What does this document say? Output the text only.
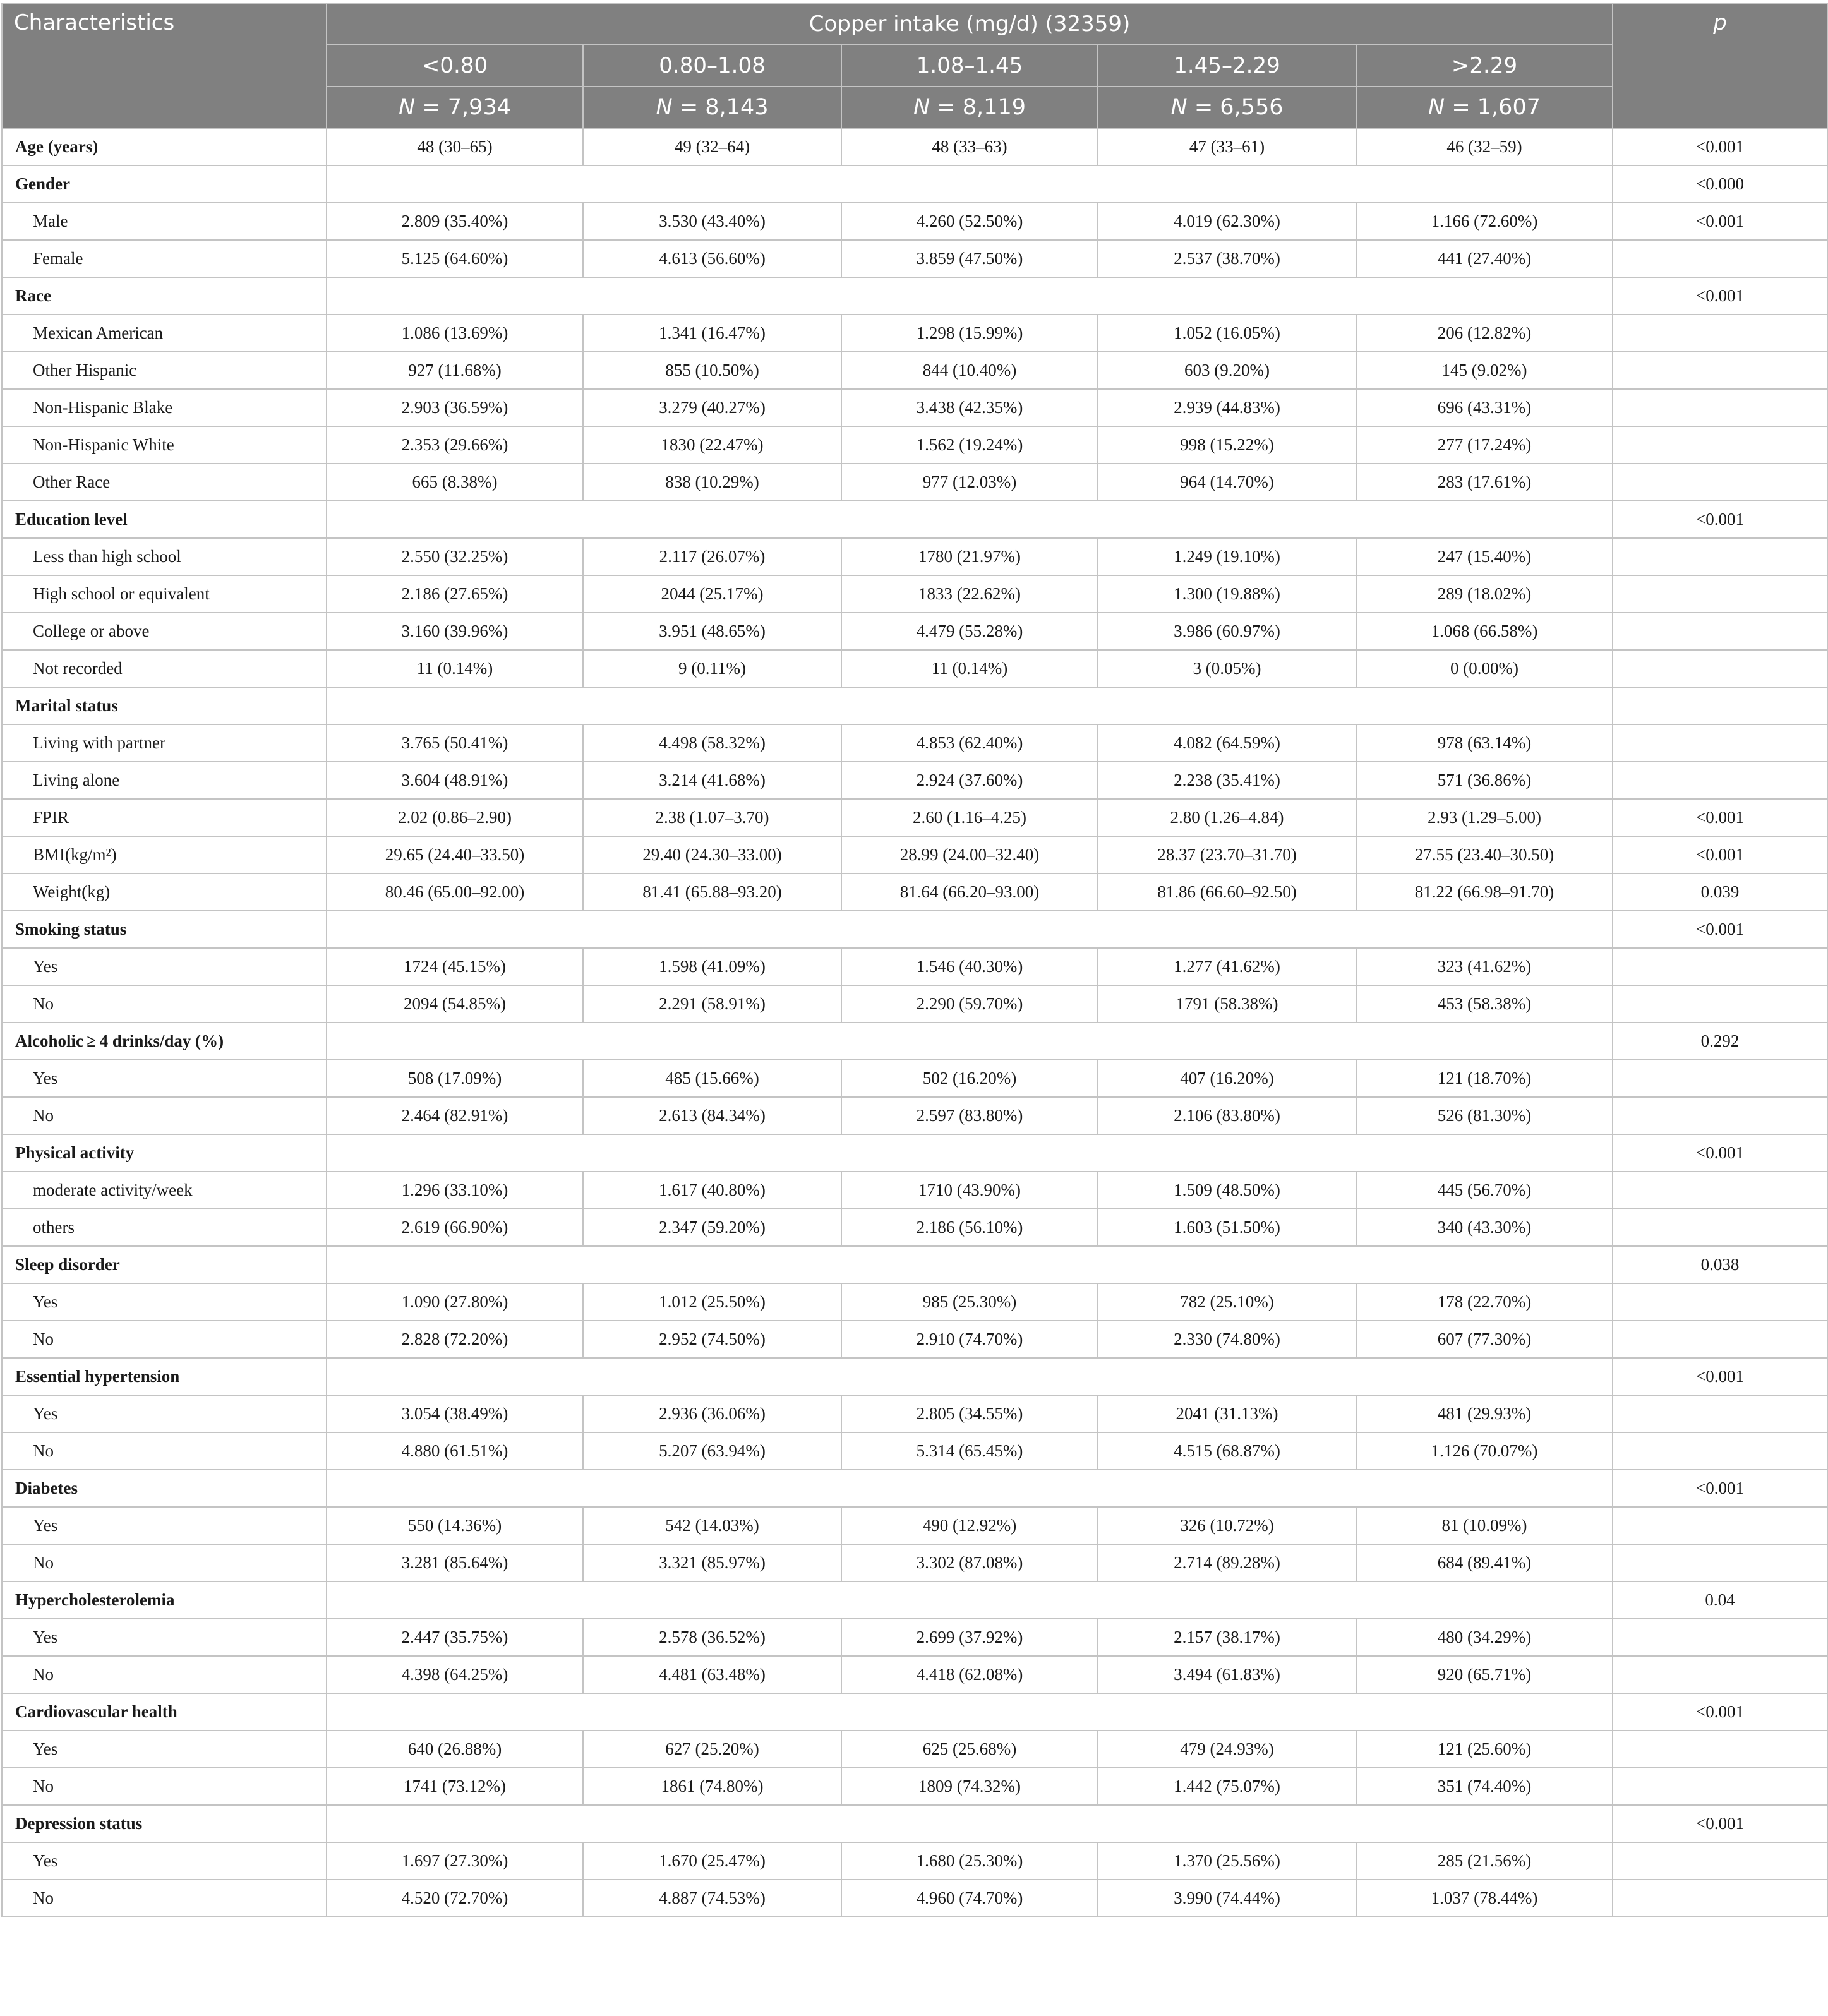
Characteristics	Copper intake (mg/d) (32359)					p
	<0.80	0.80–1.08	1.08–1.45	1.45–2.29	>2.29	
	N = 7,934	N = 8,143	N = 8,119	N = 6,556	N = 1,607	
Age (years)	48 (30–65)	49 (32–64)	48 (33–63)	47 (33–61)	46 (32–59)	<0.001
Gender						<0.000
Male	2.809 (35.40%)	3.530 (43.40%)	4.260 (52.50%)	4.019 (62.30%)	1.166 (72.60%)	<0.001
Female	5.125 (64.60%)	4.613 (56.60%)	3.859 (47.50%)	2.537 (38.70%)	441 (27.40%)	
Race						<0.001
Mexican American	1.086 (13.69%)	1.341 (16.47%)	1.298 (15.99%)	1.052 (16.05%)	206 (12.82%)	
Other Hispanic	927 (11.68%)	855 (10.50%)	844 (10.40%)	603 (9.20%)	145 (9.02%)	
Non-Hispanic Blake	2.903 (36.59%)	3.279 (40.27%)	3.438 (42.35%)	2.939 (44.83%)	696 (43.31%)	
Non-Hispanic White	2.353 (29.66%)	1830 (22.47%)	1.562 (19.24%)	998 (15.22%)	277 (17.24%)	
Other Race	665 (8.38%)	838 (10.29%)	977 (12.03%)	964 (14.70%)	283 (17.61%)	
Education level						<0.001
Less than high school	2.550 (32.25%)	2.117 (26.07%)	1780 (21.97%)	1.249 (19.10%)	247 (15.40%)	
High school or equivalent	2.186 (27.65%)	2044 (25.17%)	1833 (22.62%)	1.300 (19.88%)	289 (18.02%)	
College or above	3.160 (39.96%)	3.951 (48.65%)	4.479 (55.28%)	3.986 (60.97%)	1.068 (66.58%)	
Not recorded	11 (0.14%)	9 (0.11%)	11 (0.14%)	3 (0.05%)	0 (0.00%)	
Marital status						
Living with partner	3.765 (50.41%)	4.498 (58.32%)	4.853 (62.40%)	4.082 (64.59%)	978 (63.14%)	
Living alone	3.604 (48.91%)	3.214 (41.68%)	2.924 (37.60%)	2.238 (35.41%)	571 (36.86%)	
FPIR	2.02 (0.86–2.90)	2.38 (1.07–3.70)	2.60 (1.16–4.25)	2.80 (1.26–4.84)	2.93 (1.29–5.00)	<0.001
BMI(kg/m²)	29.65 (24.40–33.50)	29.40 (24.30–33.00)	28.99 (24.00–32.40)	28.37 (23.70–31.70)	27.55 (23.40–30.50)	<0.001
Weight(kg)	80.46 (65.00–92.00)	81.41 (65.88–93.20)	81.64 (66.20–93.00)	81.86 (66.60–92.50)	81.22 (66.98–91.70)	0.039
Smoking status						<0.001
Yes	1724 (45.15%)	1.598 (41.09%)	1.546 (40.30%)	1.277 (41.62%)	323 (41.62%)	
No	2094 (54.85%)	2.291 (58.91%)	2.290 (59.70%)	1791 (58.38%)	453 (58.38%)	
Alcoholic ≥ 4 drinks/day (%)						0.292
Yes	508 (17.09%)	485 (15.66%)	502 (16.20%)	407 (16.20%)	121 (18.70%)	
No	2.464 (82.91%)	2.613 (84.34%)	2.597 (83.80%)	2.106 (83.80%)	526 (81.30%)	
Physical activity						<0.001
moderate activity/week	1.296 (33.10%)	1.617 (40.80%)	1710 (43.90%)	1.509 (48.50%)	445 (56.70%)	
others	2.619 (66.90%)	2.347 (59.20%)	2.186 (56.10%)	1.603 (51.50%)	340 (43.30%)	
Sleep disorder						0.038
Yes	1.090 (27.80%)	1.012 (25.50%)	985 (25.30%)	782 (25.10%)	178 (22.70%)	
No	2.828 (72.20%)	2.952 (74.50%)	2.910 (74.70%)	2.330 (74.80%)	607 (77.30%)	
Essential hypertension						<0.001
Yes	3.054 (38.49%)	2.936 (36.06%)	2.805 (34.55%)	2041 (31.13%)	481 (29.93%)	
No	4.880 (61.51%)	5.207 (63.94%)	5.314 (65.45%)	4.515 (68.87%)	1.126 (70.07%)	
Diabetes						<0.001
Yes	550 (14.36%)	542 (14.03%)	490 (12.92%)	326 (10.72%)	81 (10.09%)	
No	3.281 (85.64%)	3.321 (85.97%)	3.302 (87.08%)	2.714 (89.28%)	684 (89.41%)	
Hypercholesterolemia						0.04
Yes	2.447 (35.75%)	2.578 (36.52%)	2.699 (37.92%)	2.157 (38.17%)	480 (34.29%)	
No	4.398 (64.25%)	4.481 (63.48%)	4.418 (62.08%)	3.494 (61.83%)	920 (65.71%)	
Cardiovascular health						<0.001
Yes	640 (26.88%)	627 (25.20%)	625 (25.68%)	479 (24.93%)	121 (25.60%)	
No	1741 (73.12%)	1861 (74.80%)	1809 (74.32%)	1.442 (75.07%)	351 (74.40%)	
Depression status						<0.001
Yes	1.697 (27.30%)	1.670 (25.47%)	1.680 (25.30%)	1.370 (25.56%)	285 (21.56%)	
No	4.520 (72.70%)	4.887 (74.53%)	4.960 (74.70%)	3.990 (74.44%)	1.037 (78.44%)	
